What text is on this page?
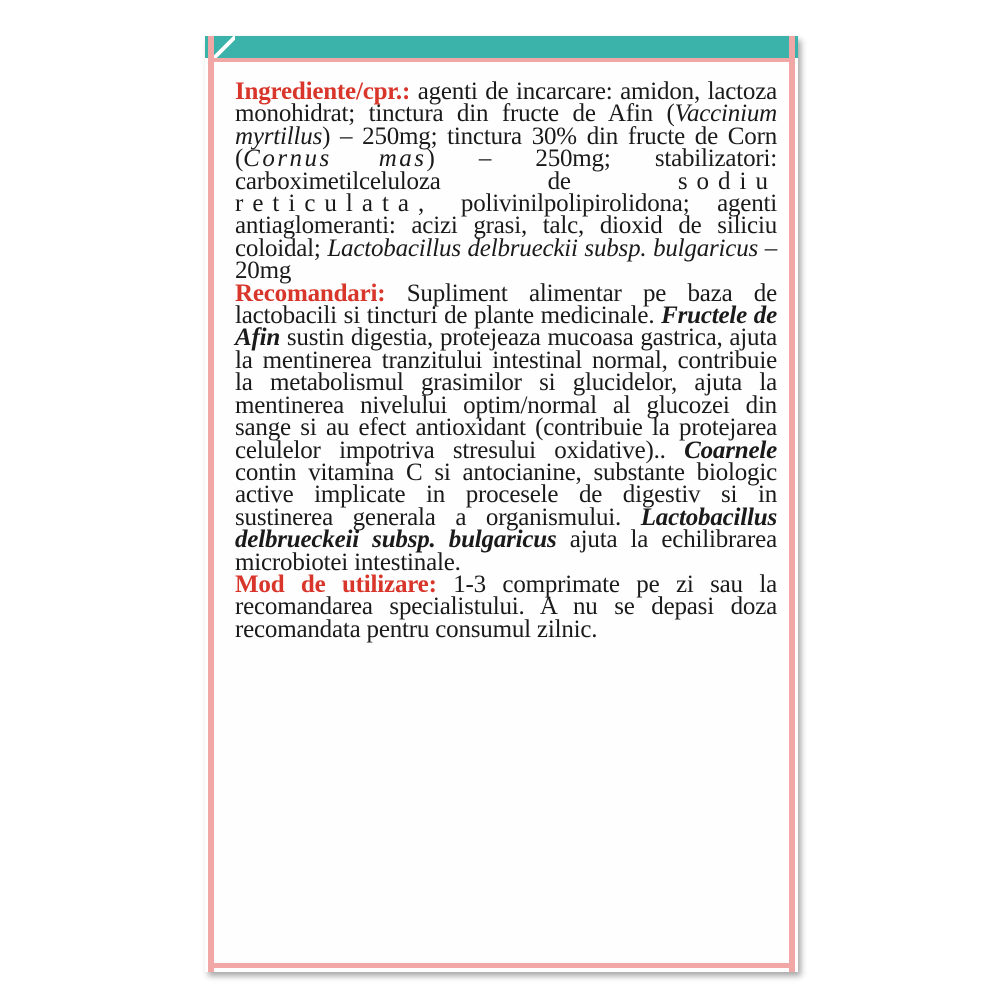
Ingrediente/cpr.: agenti de incarcare: amidon, lactoza monohidrat; tinctura din fructe de Afin (Vaccinium myrtillus) – 250mg; tinctura 30% din fructe de Corn (Cornus mas) – 250mg; stabilizatori: carboximetilceluloza de sodiu reticulata, polivinilpolipirolidona; agenti antiaglomeranti: acizi grasi, talc, dioxid de siliciu coloidal; Lactobacillus delbrueckii subsp. bulgaricus – 20mg

Recomandari: Supliment alimentar pe baza de lactobacili si tincturi de plante medicinale. Fructele de Afin sustin digestia, protejeaza mucoasa gastrica, ajuta la mentinerea tranzitului intestinal normal, contribuie la metabolismul grasimilor si glucidelor, ajuta la mentinerea nivelului optim/normal al glucozei din sange si au efect antioxidant (contribuie la protejarea celulelor impotriva stresului oxidative).. Coarnele contin vitamina C si antocianine, substante biologic active implicate in procesele de digestiv si in sustinerea generala a organismului. Lactobacillus delbrueckeii subsp. bulgaricus ajuta la echilibrarea microbiotei intestinale.

Mod de utilizare: 1-3 comprimate pe zi sau la recomandarea specialistului. A nu se depasi doza recomandata pentru consumul zilnic.
